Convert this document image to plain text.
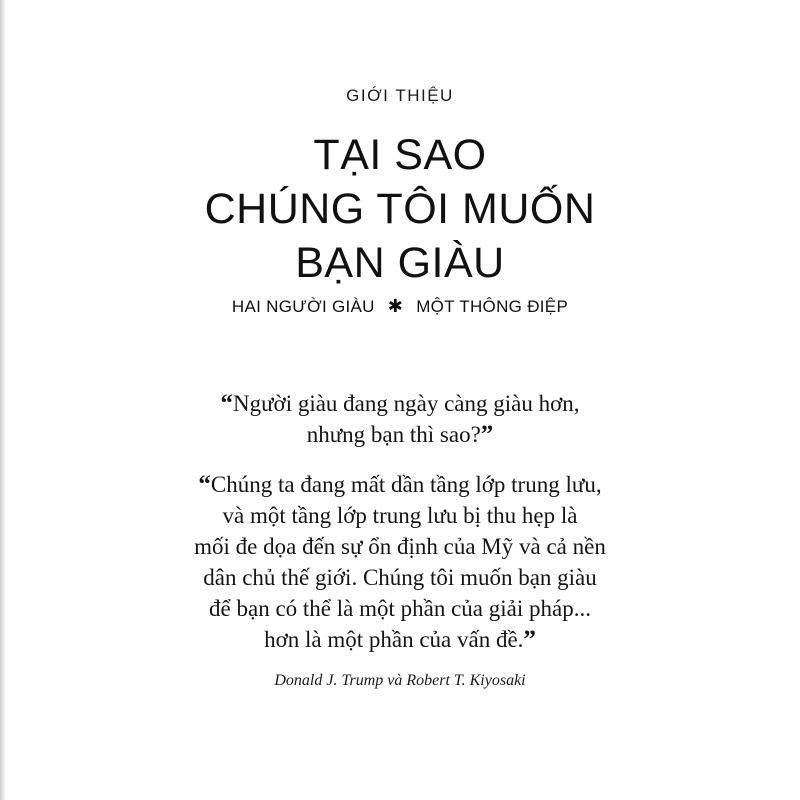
GIỚI THIỆU
TẠI SAO
CHÚNG TÔI MUỐN
BẠN GIÀU
HAI NGƯỜI GIÀU ✱ MỘT THÔNG ĐIỆP
“Người giàu đang ngày càng giàu hơn,
nhưng bạn thì sao?”
“Chúng ta đang mất dần tầng lớp trung lưu,
và một tầng lớp trung lưu bị thu hẹp là
mối đe dọa đến sự ổn định của Mỹ và cả nền
dân chủ thế giới. Chúng tôi muốn bạn giàu
để bạn có thể là một phần của giải pháp...
hơn là một phần của vấn đề.”
Donald J. Trump và Robert T. Kiyosaki
